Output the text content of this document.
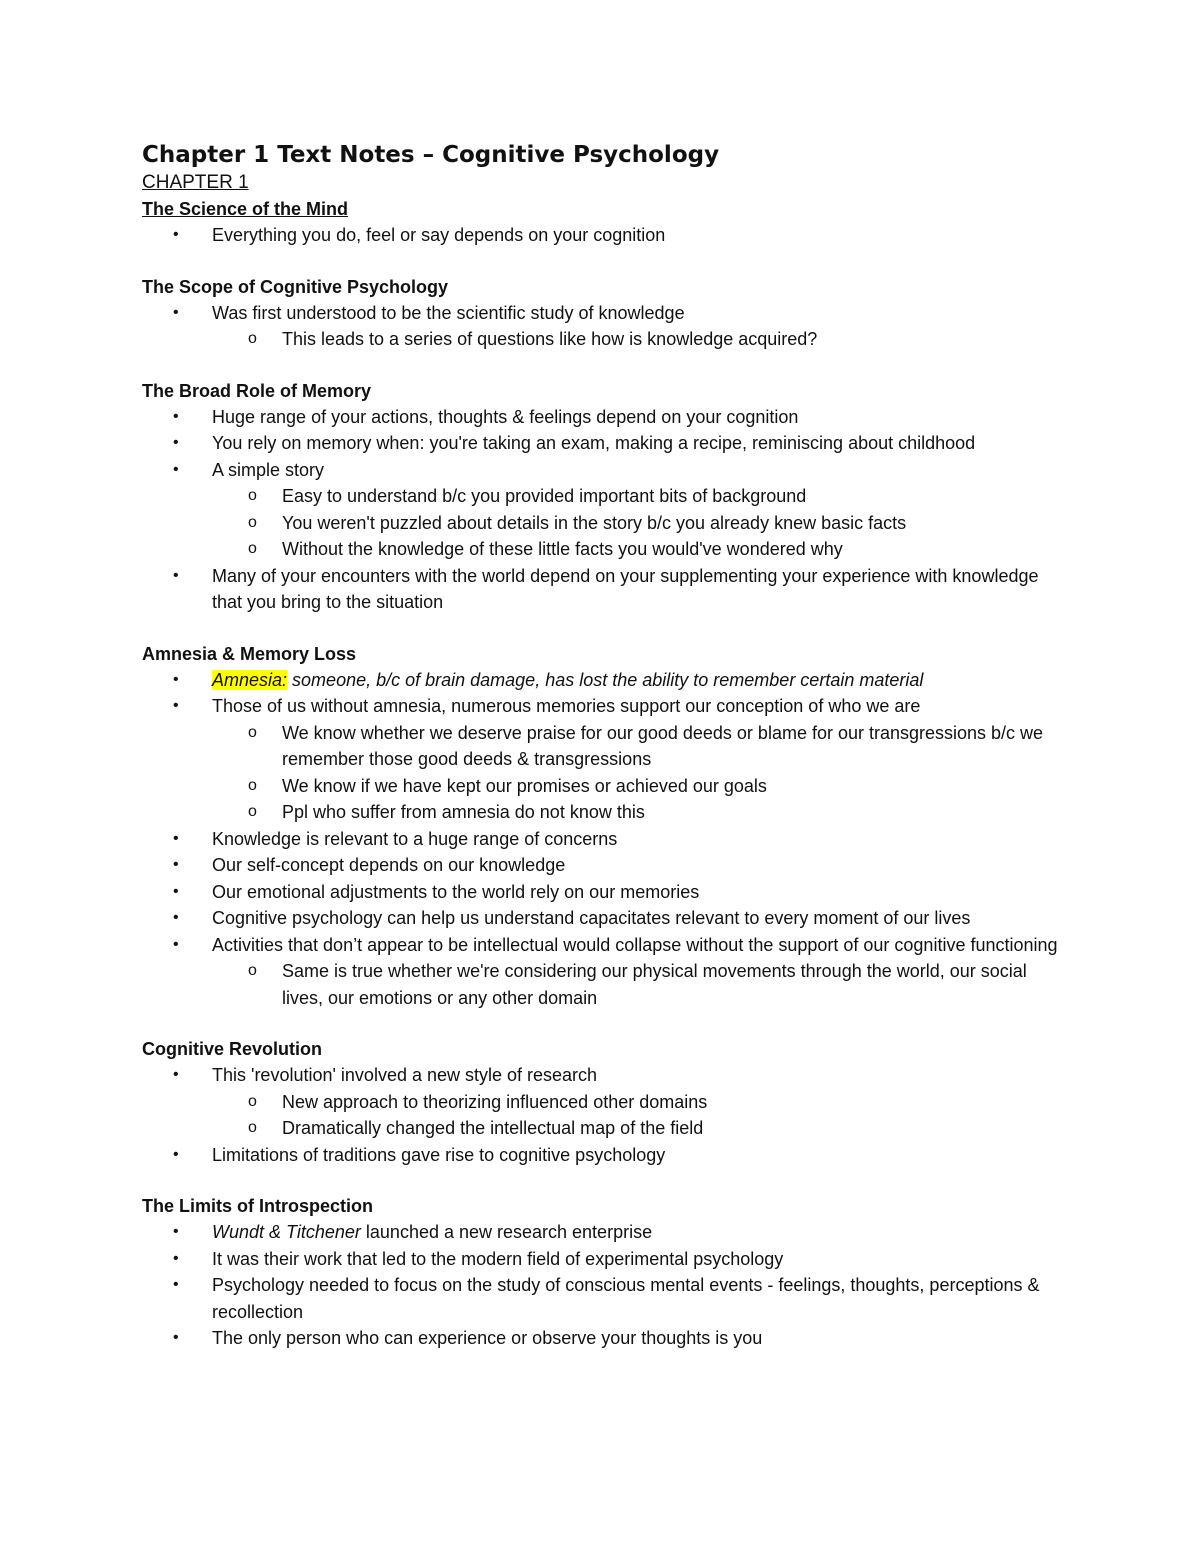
Chapter 1 Text Notes – Cognitive Psychology
CHAPTER 1
The Science of the Mind
• Everything you do, feel or say depends on your cognition
The Scope of Cognitive Psychology
• Was first understood to be the scientific study of knowledge
o This leads to a series of questions like how is knowledge acquired?
The Broad Role of Memory
• Huge range of your actions, thoughts & feelings depend on your cognition
• You rely on memory when: you're taking an exam, making a recipe, reminiscing about childhood
• A simple story
o Easy to understand b/c you provided important bits of background
o You weren't puzzled about details in the story b/c you already knew basic facts
o Without the knowledge of these little facts you would've wondered why
• Many of your encounters with the world depend on your supplementing your experience with knowledge that you bring to the situation
Amnesia & Memory Loss
• Amnesia: someone, b/c of brain damage, has lost the ability to remember certain material
• Those of us without amnesia, numerous memories support our conception of who we are
o We know whether we deserve praise for our good deeds or blame for our transgressions b/c we remember those good deeds & transgressions
o We know if we have kept our promises or achieved our goals
o Ppl who suffer from amnesia do not know this
• Knowledge is relevant to a huge range of concerns
• Our self-concept depends on our knowledge
• Our emotional adjustments to the world rely on our memories
• Cognitive psychology can help us understand capacitates relevant to every moment of our lives
• Activities that don’t appear to be intellectual would collapse without the support of our cognitive functioning
o Same is true whether we're considering our physical movements through the world, our social lives, our emotions or any other domain
Cognitive Revolution
• This 'revolution' involved a new style of research
o New approach to theorizing influenced other domains
o Dramatically changed the intellectual map of the field
• Limitations of traditions gave rise to cognitive psychology
The Limits of Introspection
• Wundt & Titchener launched a new research enterprise
• It was their work that led to the modern field of experimental psychology
• Psychology needed to focus on the study of conscious mental events - feelings, thoughts, perceptions & recollection
• The only person who can experience or observe your thoughts is you
